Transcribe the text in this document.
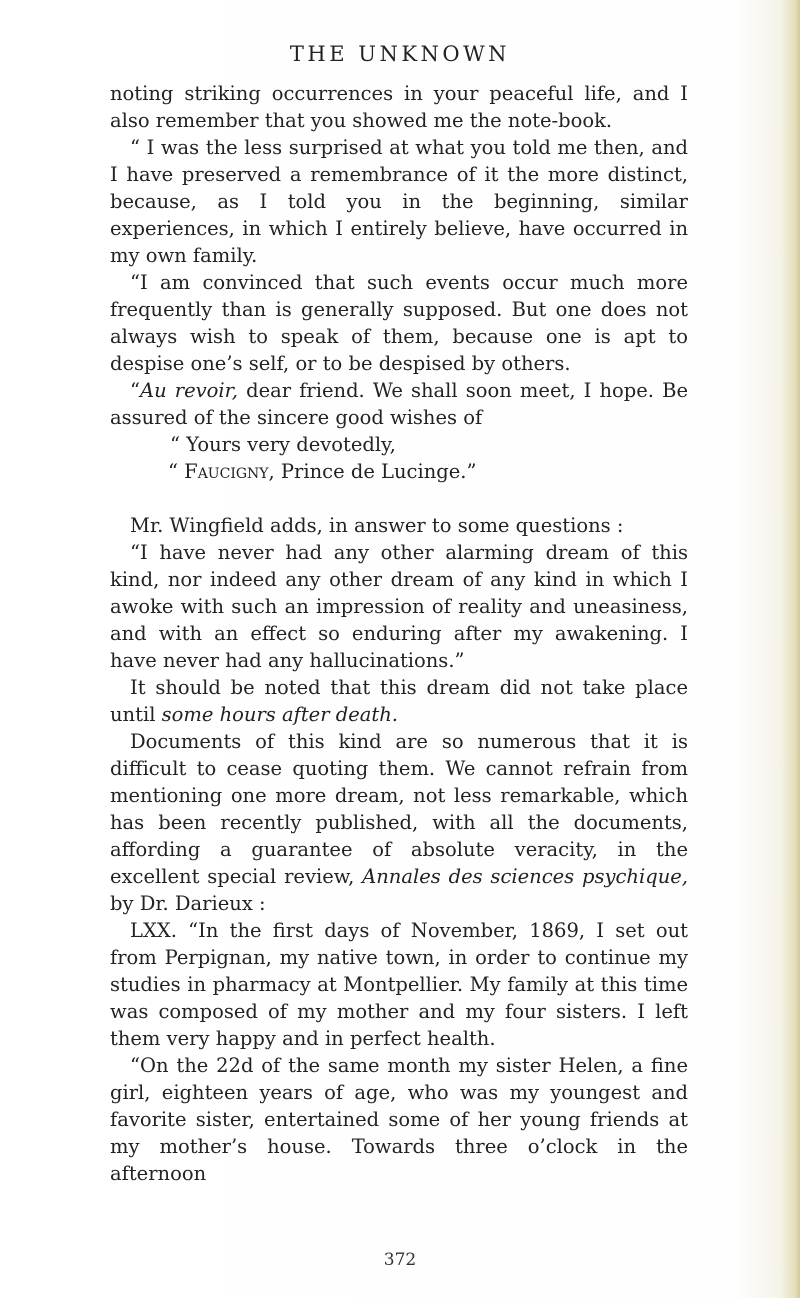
THE UNKNOWN

noting striking occurrences in your peaceful life, and I also remember that you showed me the note-book.

“ I was the less surprised at what you told me then, and I have preserved a remembrance of it the more distinct, because, as I told you in the beginning, similar experiences, in which I entirely believe, have occurred in my own family.

“I am convinced that such events occur much more frequently than is generally supposed. But one does not always wish to speak of them, because one is apt to despise one’s self, or to be despised by others.

“Au revoir, dear friend. We shall soon meet, I hope. Be assured of the sincere good wishes of

“ Yours very devotedly,

“ Faucigny, Prince de Lucinge.”

Mr. Wingfield adds, in answer to some questions :

“I have never had any other alarming dream of this kind, nor indeed any other dream of any kind in which I awoke with such an impression of reality and uneasiness, and with an effect so enduring after my awakening. I have never had any hallucinations.”

It should be noted that this dream did not take place until some hours after death.

Documents of this kind are so numerous that it is difficult to cease quoting them. We cannot refrain from mentioning one more dream, not less remarkable, which has been recently published, with all the documents, affording a guarantee of absolute veracity, in the excellent special review, Annales des sciences psychique, by Dr. Darieux :

LXX. “In the first days of November, 1869, I set out from Perpignan, my native town, in order to continue my studies in pharmacy at Montpellier. My family at this time was composed of my mother and my four sisters. I left them very happy and in perfect health.

“On the 22d of the same month my sister Helen, a fine girl, eighteen years of age, who was my youngest and favorite sister, entertained some of her young friends at my mother’s house. Towards three o’clock in the afternoon

372
